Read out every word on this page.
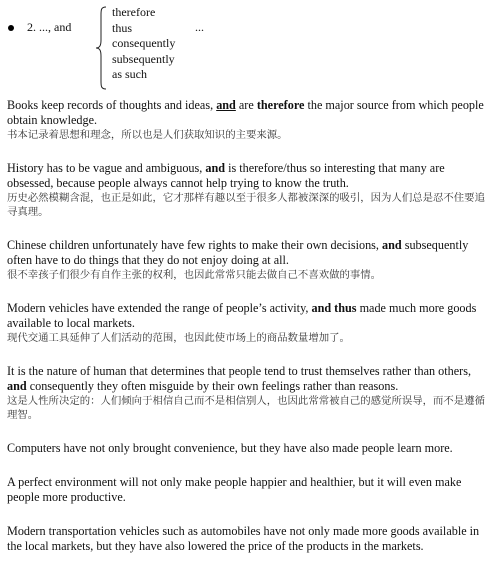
2. ..., and
therefore
thus
consequently
subsequently
as such
...
Books keep records of thoughts and ideas, and are therefore the major source from which people obtain knowledge.
书本记录着思想和理念，所以也是人们获取知识的主要来源。
History has to be vague and ambiguous, and is therefore/thus so interesting that many are obsessed, because people always cannot help trying to know the truth.
历史必然模糊含混，也正是如此，它才那样有趣以至于很多人都被深深的吸引，因为人们总是忍不住要追寻真理。
Chinese children unfortunately have few rights to make their own decisions, and subsequently often have to do things that they do not enjoy doing at all.
很不幸孩子们很少有自作主张的权利，也因此常常只能去做自己不喜欢做的事情。
Modern vehicles have extended the range of people’s activity, and thus made much more goods available to local markets.
现代交通工具延伸了人们活动的范围，也因此使市场上的商品数量增加了。
It is the nature of human that determines that people tend to trust themselves rather than others, and consequently they often misguide by their own feelings rather than reasons.
这是人性所决定的：人们倾向于相信自己而不是相信别人，也因此常常被自己的感觉所误导，而不是遵循理智。
Computers have not only brought convenience, but they have also made people learn more.
A perfect environment will not only make people happier and healthier, but it will even make people more productive.
Modern transportation vehicles such as automobiles have not only made more goods available in the local markets, but they have also lowered the price of the products in the markets.
